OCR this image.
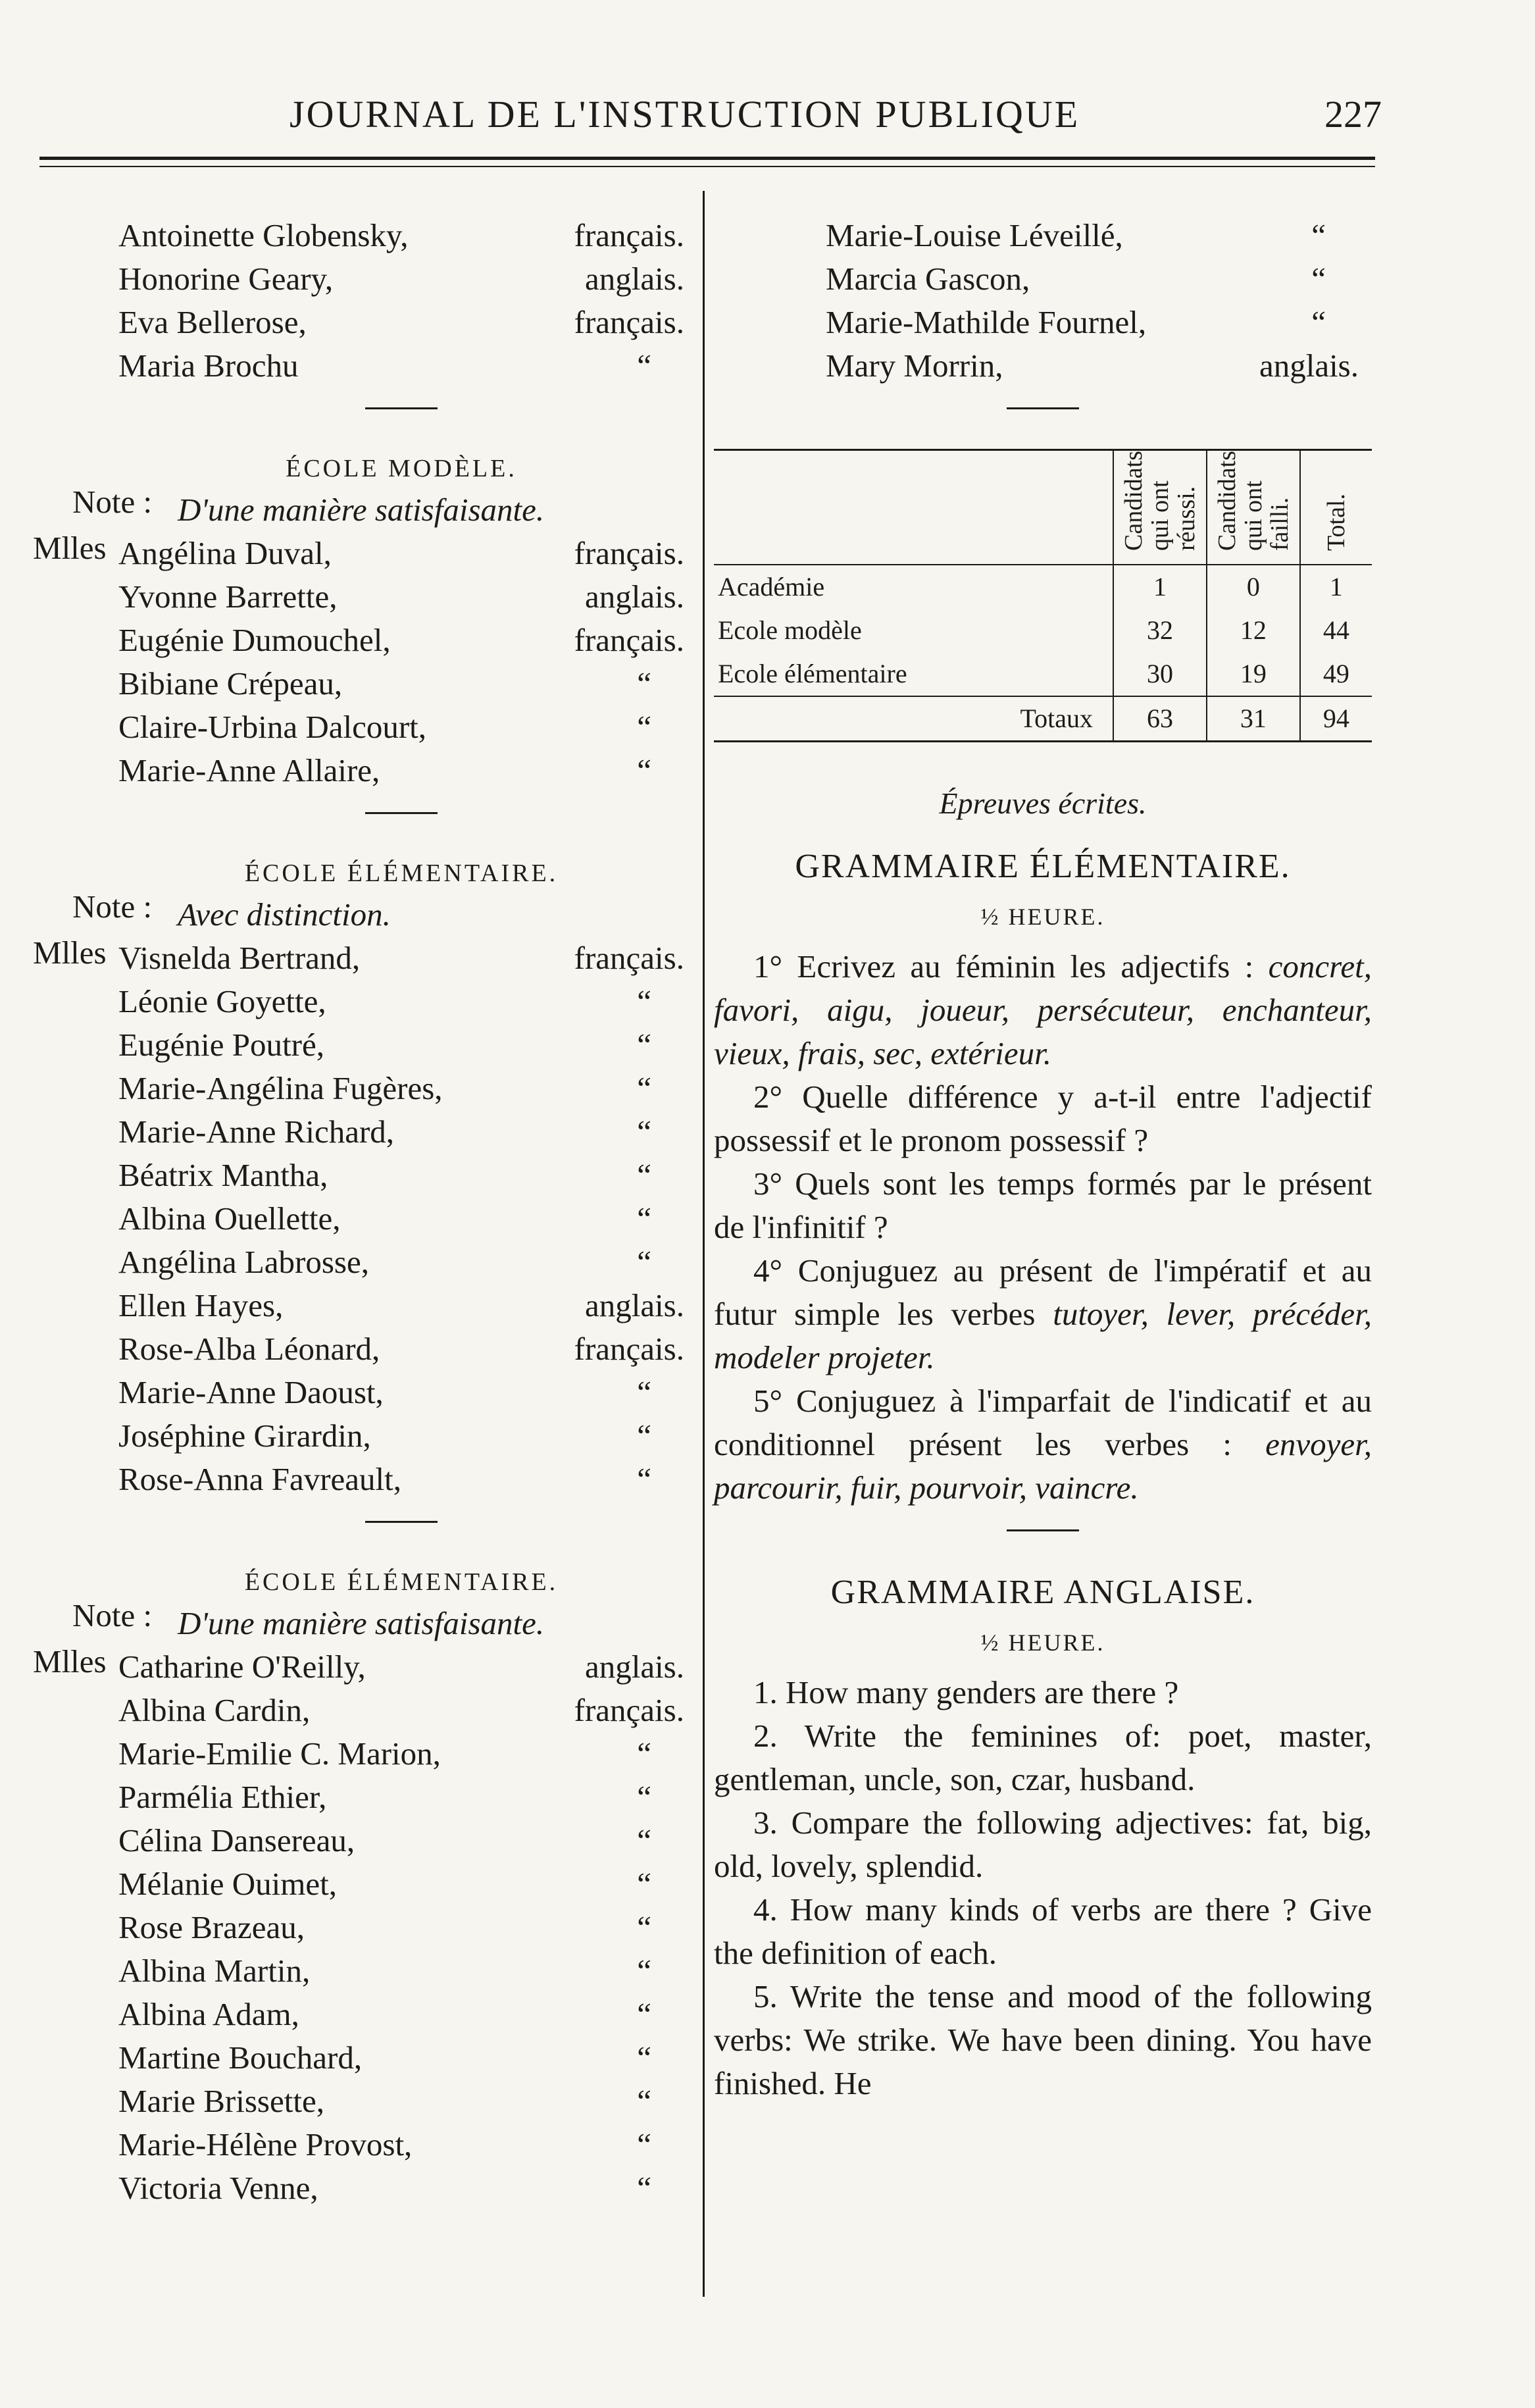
JOURNAL DE L'INSTRUCTION PUBLIQUE	227
Antoinette Globensky,	français.
Honorine Geary,	anglais.
Eva Bellerose,	français.
Maria Brochu	“
ÉCOLE MODÈLE.
Note : D'une manière satisfaisante.
Mlles Angélina Duval,	français.
Yvonne Barrette,	anglais.
Eugénie Dumouchel,	français.
Bibiane Crépeau,	“
Claire-Urbina Dalcourt,	“
Marie-Anne Allaire,	“
ÉCOLE ÉLÉMENTAIRE.
Note : Avec distinction.
Mlles Visnelda Bertrand,	français.
Léonie Goyette,	“
Eugénie Poutré,	“
Marie-Angélina Fugères,	“
Marie-Anne Richard,	“
Béatrix Mantha,	“
Albina Ouellette,	“
Angélina Labrosse,	“
Ellen Hayes,	anglais.
Rose-Alba Léonard,	français.
Marie-Anne Daoust,	“
Joséphine Girardin,	“
Rose-Anna Favreault,	“
ÉCOLE ÉLÉMENTAIRE.
Note : D'une manière satisfaisante.
Mlles Catharine O'Reilly,	anglais.
Albina Cardin,	français.
Marie-Emilie C. Marion,	“
Parmélia Ethier,	“
Célina Dansereau,	“
Mélanie Ouimet,	“
Rose Brazeau,	“
Albina Martin,	“
Albina Adam,	“
Martine Bouchard,	“
Marie Brissette,	“
Marie-Hélène Provost,	“
Victoria Venne,	“
Marie-Louise Léveillé,	“
Marcia Gascon,	“
Marie-Mathilde Fournel,	“
Mary Morrin,	anglais.
	Candidats qui ont réussi.	Candidats qui ont failli.	Total.
Académie	1	0	1
Ecole modèle	32	12	44
Ecole élémentaire	30	19	49
Totaux	63	31	94

Épreuves écrites.

GRAMMAIRE ÉLÉMENTAIRE.

½ HEURE.

1° Ecrivez au féminin les adjectifs : concret, favori, aigu, joueur, persécuteur, enchanteur, vieux, frais, sec, extérieur.

2° Quelle différence y a-t-il entre l'adjectif possessif et le pronom possessif ?

3° Quels sont les temps formés par le présent de l'infinitif ?

4° Conjuguez au présent de l'impératif et au futur simple les verbes tutoyer, lever, précéder, modeler projeter.

5° Conjuguez à l'imparfait de l'indicatif et au conditionnel présent les verbes : envoyer, parcourir, fuir, pourvoir, vaincre.

GRAMMAIRE ANGLAISE.

½ HEURE.

1. How many genders are there ?

2. Write the feminines of: poet, master, gentleman, uncle, son, czar, husband.

3. Compare the following adjectives: fat, big, old, lovely, splendid.

4. How many kinds of verbs are there ? Give the definition of each.

5. Write the tense and mood of the following verbs: We strike. We have been dining. You have finished. He
